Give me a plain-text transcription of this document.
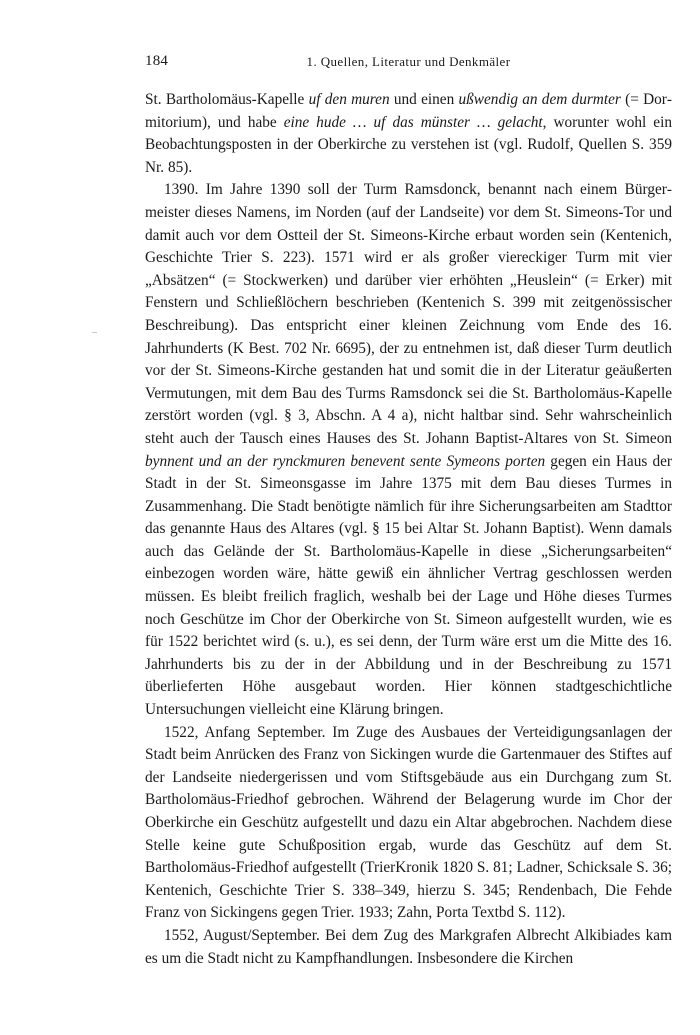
184	1. Quellen, Literatur und Denkmäler

St. Bartholomäus-Kapelle uf den muren und einen ußwendig an dem durmter (= Dormitorium), und habe eine hude … uf das münster … gelacht, worunter wohl ein Beobachtungsposten in der Oberkirche zu verstehen ist (vgl. Rudolf, Quellen S. 359 Nr. 85).

1390. Im Jahre 1390 soll der Turm Ramsdonck, benannt nach einem Bürgermeister dieses Namens, im Norden (auf der Landseite) vor dem St. Simeons-Tor und damit auch vor dem Ostteil der St. Simeons-Kirche erbaut worden sein (Kentenich, Geschichte Trier S. 223). 1571 wird er als großer viereckiger Turm mit vier „Absätzen“ (= Stockwerken) und darüber vier erhöhten „Heuslein“ (= Erker) mit Fenstern und Schließlöchern beschrieben (Kentenich S. 399 mit zeitgenössischer Beschreibung). Das entspricht einer kleinen Zeichnung vom Ende des 16. Jahrhunderts (K Best. 702 Nr. 6695), der zu entnehmen ist, daß dieser Turm deutlich vor der St. Simeons-Kirche gestanden hat und somit die in der Literatur geäußerten Vermutungen, mit dem Bau des Turms Ramsdonck sei die St. Bartholomäus-Kapelle zerstört worden (vgl. § 3, Abschn. A 4 a), nicht haltbar sind. Sehr wahrscheinlich steht auch der Tausch eines Hauses des St. Johann Baptist-Altares von St. Simeon bynnent und an der rynckmuren benevent sente Symeons porten gegen ein Haus der Stadt in der St. Simeonsgasse im Jahre 1375 mit dem Bau dieses Turmes in Zusammenhang. Die Stadt benötigte nämlich für ihre Sicherungsarbeiten am Stadttor das genannte Haus des Altares (vgl. § 15 bei Altar St. Johann Baptist). Wenn damals auch das Gelände der St. Bartholomäus-Kapelle in diese „Sicherungsarbeiten“ einbezogen worden wäre, hätte gewiß ein ähnlicher Vertrag geschlossen werden müssen. Es bleibt freilich fraglich, weshalb bei der Lage und Höhe dieses Turmes noch Geschütze im Chor der Oberkirche von St. Simeon aufgestellt wurden, wie es für 1522 berichtet wird (s. u.), es sei denn, der Turm wäre erst um die Mitte des 16. Jahrhunderts bis zu der in der Abbildung und in der Beschreibung zu 1571 überlieferten Höhe ausgebaut worden. Hier können stadtgeschichtliche Untersuchungen vielleicht eine Klärung bringen.

1522, Anfang September. Im Zuge des Ausbaues der Verteidigungsanlagen der Stadt beim Anrücken des Franz von Sickingen wurde die Gartenmauer des Stiftes auf der Landseite niedergerissen und vom Stiftsgebäude aus ein Durchgang zum St. Bartholomäus-Friedhof gebrochen. Während der Belagerung wurde im Chor der Oberkirche ein Geschütz aufgestellt und dazu ein Altar abgebrochen. Nachdem diese Stelle keine gute Schußposition ergab, wurde das Geschütz auf dem St. Bartholomäus-Friedhof aufgestellt (TrierKronik 1820 S. 81; Ladner, Schicksale S. 36; Kentenich, Geschichte Trier S. 338–349, hierzu S. 345; Rendenbach, Die Fehde Franz von Sickingens gegen Trier. 1933; Zahn, Porta Textbd S. 112).

1552, August/September. Bei dem Zug des Markgrafen Albrecht Alkibiades kam es um die Stadt nicht zu Kampfhandlungen. Insbesondere die Kirchen
